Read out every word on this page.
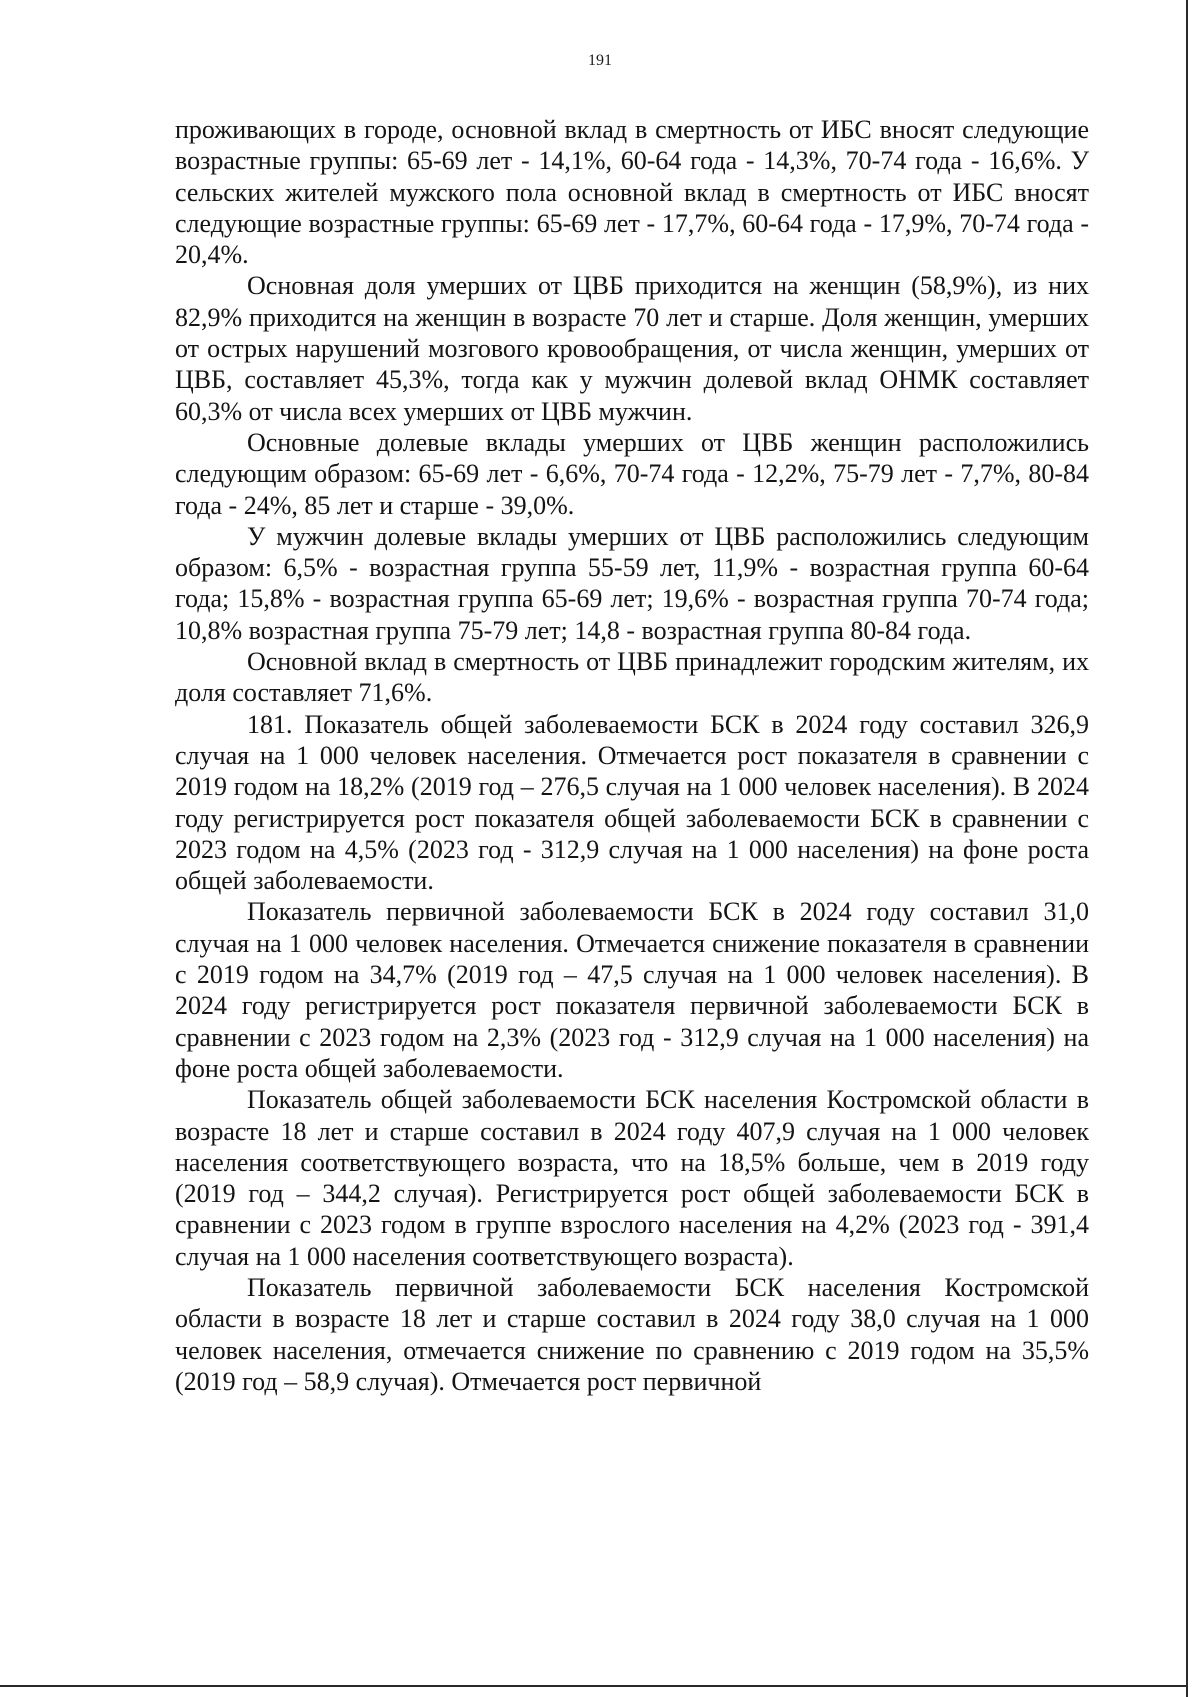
191

проживающих в городе, основной вклад в смертность от ИБС вносят следующие возрастные группы: 65-69 лет - 14,1%, 60-64 года - 14,3%, 70-74 года - 16,6%. У сельских жителей мужского пола основной вклад в смертность от ИБС вносят следующие возрастные группы: 65-69 лет - 17,7%, 60-64 года - 17,9%, 70-74 года - 20,4%.

Основная доля умерших от ЦВБ приходится на женщин (58,9%), из них 82,9% приходится на женщин в возрасте 70 лет и старше. Доля женщин, умерших от острых нарушений мозгового кровообращения, от числа женщин, умерших от ЦВБ, составляет 45,3%, тогда как у мужчин долевой вклад ОНМК составляет 60,3% от числа всех умерших от ЦВБ мужчин.

Основные долевые вклады умерших от ЦВБ женщин расположились следующим образом: 65-69 лет - 6,6%, 70-74 года - 12,2%, 75-79 лет - 7,7%, 80-84 года - 24%, 85 лет и старше - 39,0%.

У мужчин долевые вклады умерших от ЦВБ расположились следующим образом: 6,5% - возрастная группа 55-59 лет, 11,9% - возрастная группа 60-64 года; 15,8% - возрастная группа 65-69 лет; 19,6% - возрастная группа 70-74 года; 10,8% возрастная группа 75-79 лет; 14,8 - возрастная группа 80-84 года.

Основной вклад в смертность от ЦВБ принадлежит городским жителям, их доля составляет 71,6%.

181. Показатель общей заболеваемости БСК в 2024 году составил 326,9 случая на 1 000 человек населения. Отмечается рост показателя в сравнении с 2019 годом на 18,2% (2019 год – 276,5 случая на 1 000 человек населения). В 2024 году регистрируется рост показателя общей заболеваемости БСК в сравнении с 2023 годом на 4,5% (2023 год - 312,9 случая на 1 000 населения) на фоне роста общей заболеваемости.

Показатель первичной заболеваемости БСК в 2024 году составил 31,0 случая на 1 000 человек населения. Отмечается снижение показателя в сравнении с 2019 годом на 34,7% (2019 год – 47,5 случая на 1 000 человек населения). В 2024 году регистрируется рост показателя первичной заболеваемости БСК в сравнении с 2023 годом на 2,3% (2023 год - 312,9 случая на 1 000 населения) на фоне роста общей заболеваемости.

Показатель общей заболеваемости БСК населения Костромской области в возрасте 18 лет и старше составил в 2024 году 407,9 случая на 1 000 человек населения соответствующего возраста, что на 18,5% больше, чем в 2019 году (2019 год – 344,2 случая). Регистрируется рост общей заболеваемости БСК в сравнении с 2023 годом в группе взрослого населения на 4,2% (2023 год - 391,4 случая на 1 000 населения соответствующего возраста).

Показатель первичной заболеваемости БСК населения Костромской области в возрасте 18 лет и старше составил в 2024 году 38,0 случая на 1 000 человек населения, отмечается снижение по сравнению с 2019 годом на 35,5% (2019 год – 58,9 случая). Отмечается рост первичной
